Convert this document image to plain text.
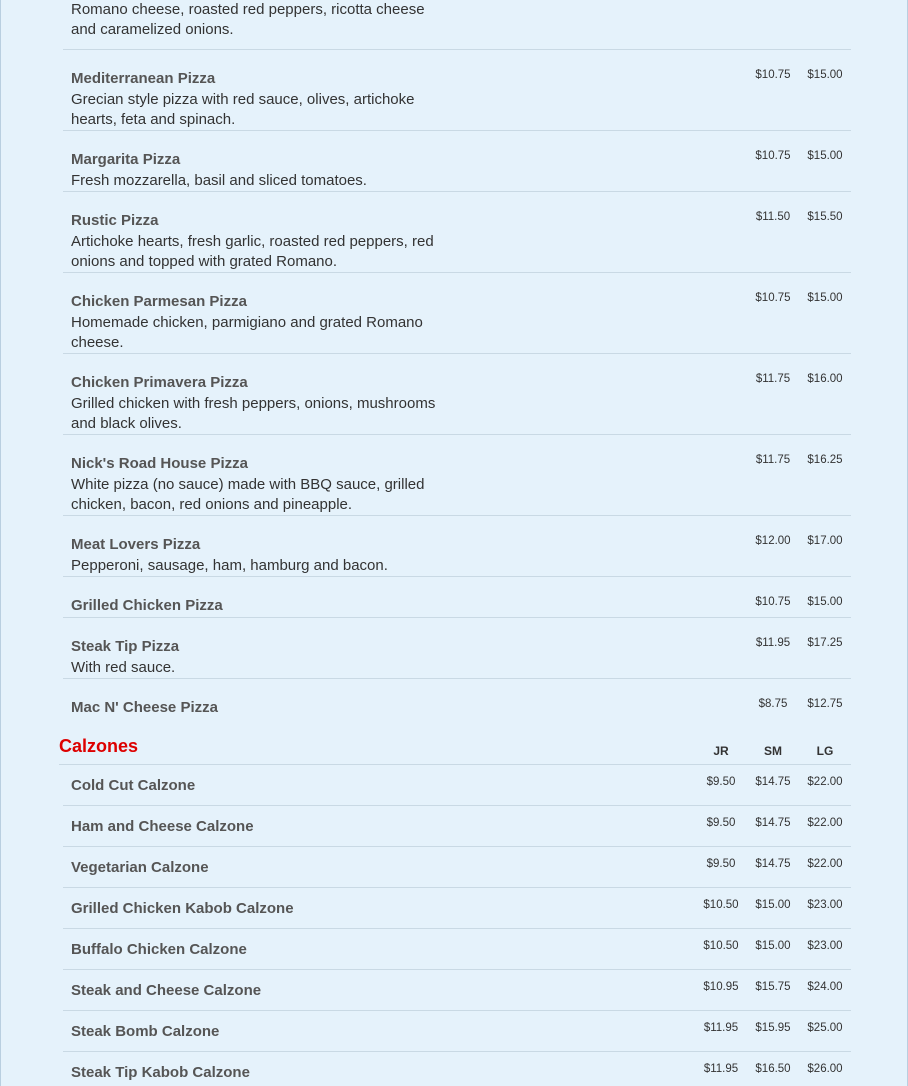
Romano cheese, roasted red peppers, ricotta cheese and caramelized onions.
Mediterranean Pizza
Grecian style pizza with red sauce, olives, artichoke hearts, feta and spinach.
$10.75	$15.00
Margarita Pizza
Fresh mozzarella, basil and sliced tomatoes.
$10.75	$15.00
Rustic Pizza
Artichoke hearts, fresh garlic, roasted red peppers, red onions and topped with grated Romano.
$11.50	$15.50
Chicken Parmesan Pizza
Homemade chicken, parmigiano and grated Romano cheese.
$10.75	$15.00
Chicken Primavera Pizza
Grilled chicken with fresh peppers, onions, mushrooms and black olives.
$11.75	$16.00
Nick's Road House Pizza
White pizza (no sauce) made with BBQ sauce, grilled chicken, bacon, red onions and pineapple.
$11.75	$16.25
Meat Lovers Pizza
Pepperoni, sausage, ham, hamburg and bacon.
$12.00	$17.00
Grilled Chicken Pizza	$10.75	$15.00
Steak Tip Pizza
With red sauce.
$11.95	$17.25
Mac N' Cheese Pizza	$8.75	$12.75
Calzones	JR	SM	LG
Cold Cut Calzone	$9.50	$14.75	$22.00
Ham and Cheese Calzone	$9.50	$14.75	$22.00
Vegetarian Calzone	$9.50	$14.75	$22.00
Grilled Chicken Kabob Calzone	$10.50	$15.00	$23.00
Buffalo Chicken Calzone	$10.50	$15.00	$23.00
Steak and Cheese Calzone	$10.95	$15.75	$24.00
Steak Bomb Calzone	$11.95	$15.95	$25.00
Steak Tip Kabob Calzone	$11.95	$16.50	$26.00
